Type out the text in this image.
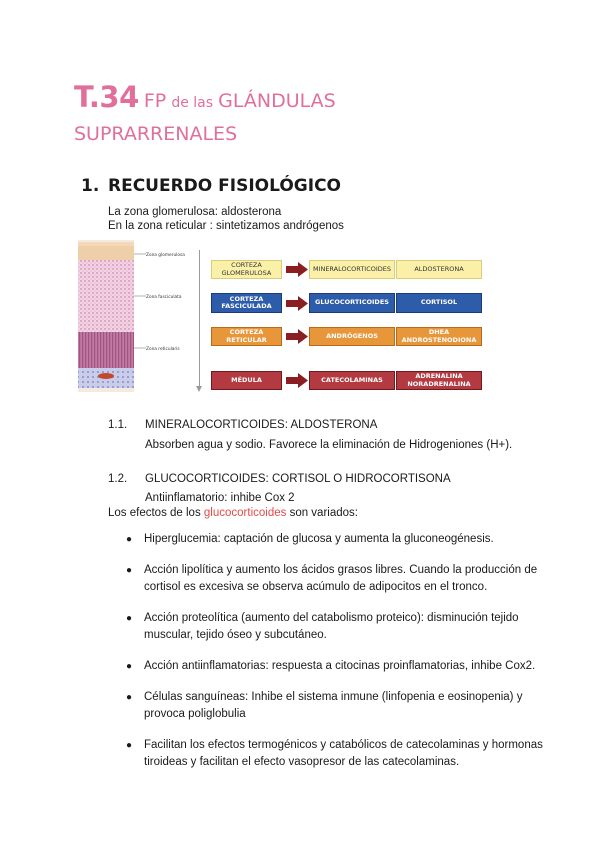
T.34 FP de las GLÁNDULAS
SUPRARRENALES
1. RECUERDO FISIOLÓGICO
La zona glomerulosa: aldosterona
En la zona reticular : sintetizamos andrógenos
Zona glomerulosa
Zona fasciculata
Zona reticularis
CORTEZA GLOMERULOSA	MINERALOCORTICOIDES	ALDOSTERONA
CORTEZA FASCICULADA	GLUCOCORTICOIDES	CORTISOL
CORTEZA RETICULAR	ANDRÓGENOS	DHEA ANDROSTENODIONA
MÉDULA	CATECOLAMINAS	ADRENALINA NORADRENALINA
1.1. MINERALOCORTICOIDES: ALDOSTERONA
Absorben agua y sodio. Favorece la eliminación de Hidrogeniones (H+).
1.2. GLUCOCORTICOIDES: CORTISOL O HIDROCORTISONA
Antiinflamatorio: inhibe Cox 2
Los efectos de los glucocorticoides son variados:
● Hiperglucemia: captación de glucosa y aumenta la gluconeogénesis.
● Acción lipolítica y aumento los ácidos grasos libres. Cuando la producción de cortisol es excesiva se observa acúmulo de adipocitos en el tronco.
● Acción proteolítica (aumento del catabolismo proteico): disminución tejido muscular, tejido óseo y subcutáneo.
● Acción antiinflamatorias: respuesta a citocinas proinflamatorias, inhibe Cox2.
● Células sanguíneas: Inhibe el sistema inmune (linfopenia e eosinopenia) y provoca poliglobulia
● Facilitan los efectos termogénicos y catabólicos de catecolaminas y hormonas tiroideas y facilitan el efecto vasopresor de las catecolaminas.
